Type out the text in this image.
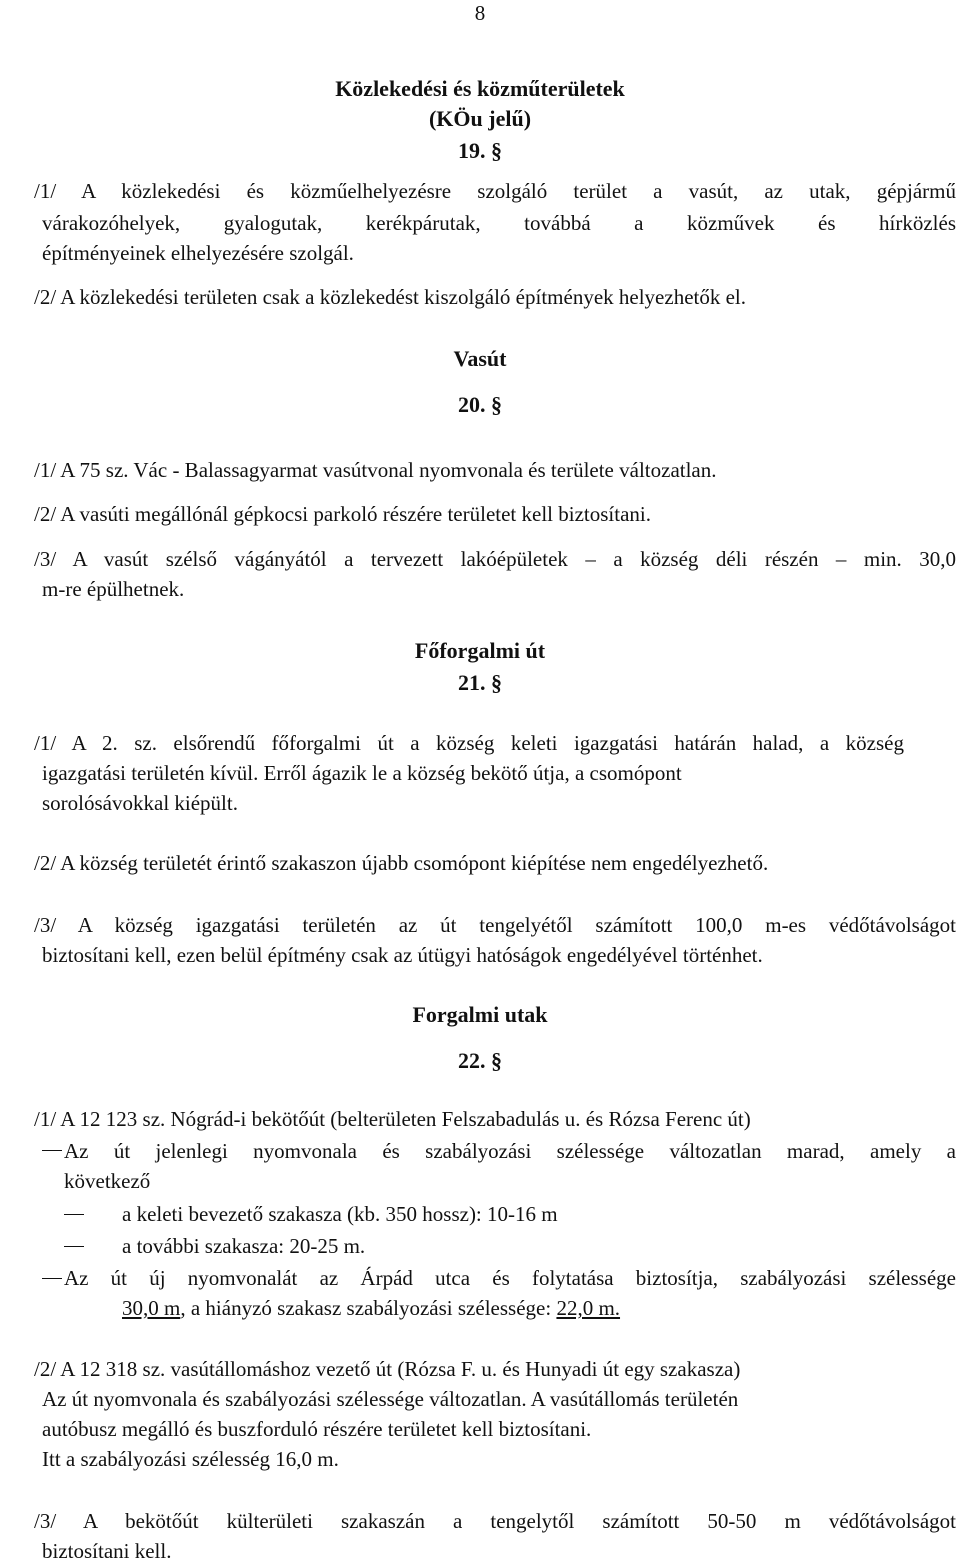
8
Közlekedési és közműterületek
(KÖu jelű)
19. §
/1/ A közlekedési és közműelhelyezésre szolgáló terület a vasút, az utak, gépjármű
várakozóhelyek, gyalogutak, kerékpárutak, továbbá a közművek és hírközlés
építményeinek elhelyezésére szolgál.
/2/ A közlekedési területen csak a közlekedést kiszolgáló építmények helyezhetők el.
Vasút
20. §
/1/ A 75 sz. Vác - Balassagyarmat vasútvonal nyomvonala és területe változatlan.
/2/ A vasúti megállónál gépkocsi parkoló részére területet kell biztosítani.
/3/ A vasút szélső vágányától a tervezett lakóépületek ‒ a község déli részén ‒ min. 30,0
m-re épülhetnek.
Főforgalmi út
21. §
/1/ A 2. sz. elsőrendű főforgalmi út a község keleti igazgatási határán halad, a község
igazgatási területén kívül. Erről ágazik le a község bekötő útja, a csomópont
sorolósávokkal kiépült.
/2/ A község területét érintő szakaszon újabb csomópont kiépítése nem engedélyezhető.
/3/ A község igazgatási területén az út tengelyétől számított 100,0 m-es védőtávolságot
biztosítani kell, ezen belül építmény csak az útügyi hatóságok engedélyével történhet.
Forgalmi utak
22. §
/1/ A 12 123 sz. Nógrád-i bekötőút (belterületen Felszabadulás u. és Rózsa Ferenc út)
Az út jelenlegi nyomvonala és szabályozási szélessége változatlan marad, amely a
következő
a keleti bevezető szakasza (kb. 350 hossz): 10-16 m
a további szakasza: 20-25 m.
Az út új nyomvonalát az Árpád utca és folytatása biztosítja, szabályozási szélessége
30,0 m, a hiányzó szakasz szabályozási szélessége: 22,0 m.
/2/ A 12 318 sz. vasútállomáshoz vezető út (Rózsa F. u. és Hunyadi út egy szakasza)
Az út nyomvonala és szabályozási szélessége változatlan. A vasútállomás területén
autóbusz megálló és buszforduló részére területet kell biztosítani.
Itt a szabályozási szélesség 16,0 m.
/3/ A bekötőút külterületi szakaszán a tengelytől számított 50-50 m védőtávolságot
biztosítani kell.
